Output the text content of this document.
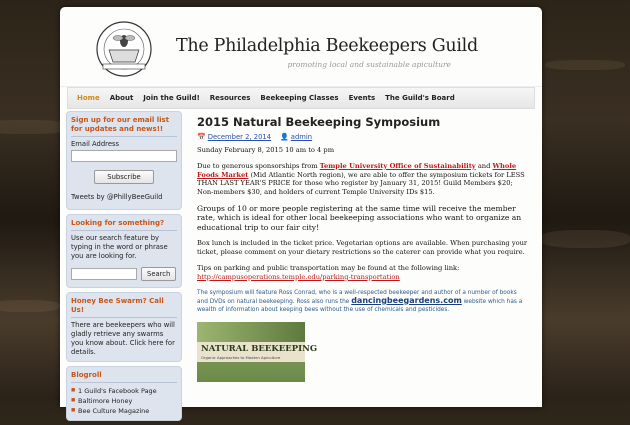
The Philadelphia Beekeepers Guild
promoting local and sustainable apiculture
Home	About	Join the Guild!	Resources	Beekeeping Classes	Events	The Guild's Board
Sign up for our email list for updates and news!!
Email Address
Subscribe
Tweets by @PhillyBeeGuild
Looking for something?
Use our search feature by typing in the word or phrase you are looking for.
Search
Honey Bee Swarm? Call Us!
There are beekeepers who will gladly retrieve any swarms you know about. Click here for details.
Blogroll
■ 1 Guild's Facebook Page
■ Baltimore Honey
■ Bee Culture Magazine
2015 Natural Beekeeping Symposium
📅 December 2, 2014 👤 admin
Sunday February 8, 2015 10 am to 4 pm
Due to generous sponsorships from Temple University Office of Sustainability and Whole Foods Market (Mid Atlantic North region), we are able to offer the symposium tickets for LESS THAN LAST YEAR'S PRICE for those who register by January 31, 2015! Guild Members $20; Non-members $30, and holders of current Temple University IDs $15.
Groups of 10 or more people registering at the same time will receive the member rate, which is ideal for other local beekeeping associations who want to organize an educational trip to our fair city!
Box lunch is included in the ticket price. Vegetarian options are available. When purchasing your ticket, please comment on your dietary restrictions so the caterer can provide what you require.
Tips on parking and public transportation may be found at the following link: http://campusoperations.temple.edu/parking-transportation
The symposium will feature Ross Conrad, who is a well-respected beekeeper and author of a number of books and DVDs on natural beekeeping. Ross also runs the dancingbeegardens.com website which has a wealth of information about keeping bees without the use of chemicals and pesticides.
NATURAL BEEKEEPING
Organic Approaches to Modern Apiculture
